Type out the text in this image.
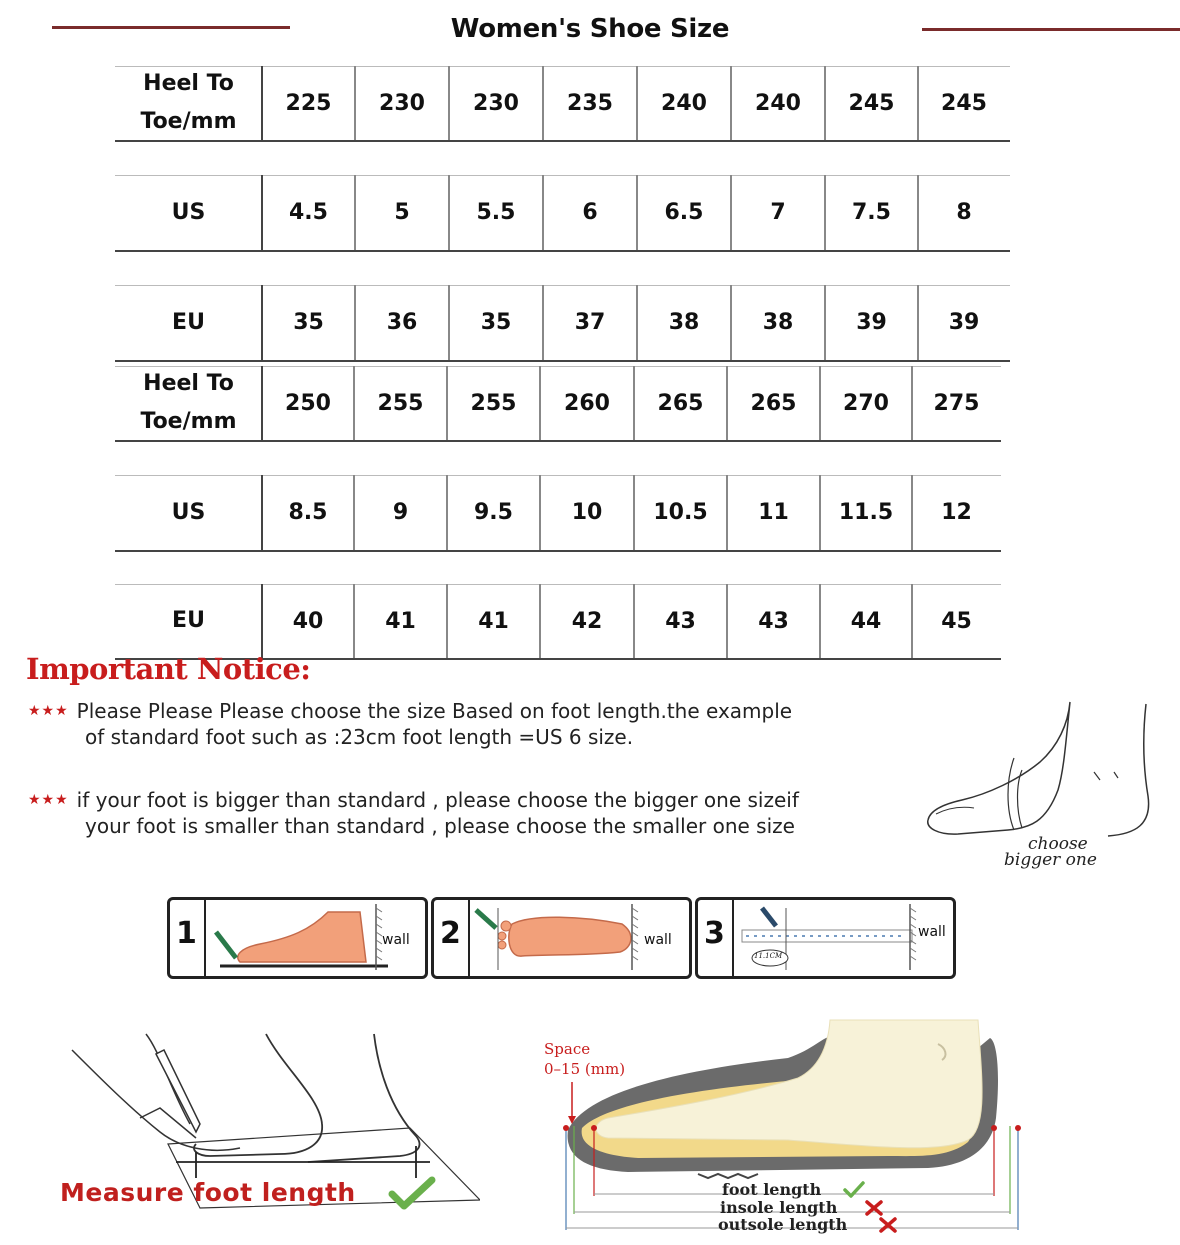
Women's Shoe Size
Heel To
Toe/mm
225	230	230	235	240	240	245	245
US	4.5	5	5.5	6	6.5	7	7.5	8
EU	35	36	35	37	38	38	39	39
Heel To
Toe/mm
250	255	255	260	265	265	270	275
US	8.5	9	9.5	10	10.5	11	11.5	12
EU	40	41	41	42	43	43	44	45
Important Notice:
★★★ Please Please Please choose the size Based on foot length.the example
of standard foot such as :23cm foot length =US 6 size.
★★★ if your foot is bigger than standard , please choose the bigger one sizeif
your foot is smaller than standard , please choose the smaller one size
choose
bigger one
1	wall 2	wall 3
11.1CM
wall
Measure foot length
Space
0–15 (mm)
foot length
insole length
outsole length
